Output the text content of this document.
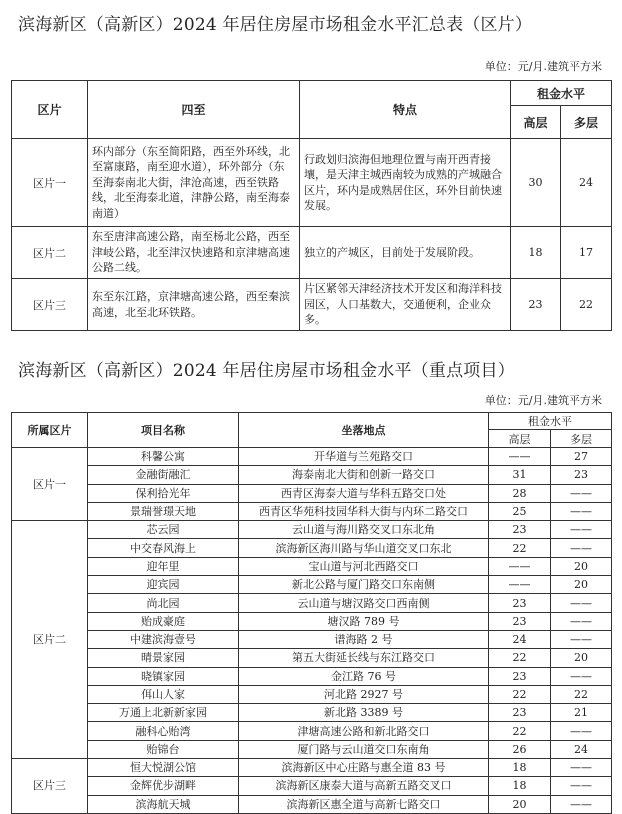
滨海新区（高新区）2024 年居住房屋市场租金水平汇总表（区片）
单位：元/月.建筑平方米
区片	四至	特点	租金水平	
			高层	多层
区片一	环内部分（东至简阳路，西至外环线，北至富康路，南至迎水道），环外部分（东至海泰南北大街，津沧高速，西至铁路线，北至海泰北道，津静公路，南至海泰南道）	行政划归滨海但地理位置与南开西青接壤，是天津主城西南较为成熟的产城融合区片，环内是成熟居住区，环外目前快速发展。	30	24
区片二	东至唐津高速公路，南至杨北公路，西至津岐公路，北至津汉快速路和京津塘高速公路二线。	独立的产城区，目前处于发展阶段。	18	17
区片三	东至东江路，京津塘高速公路，西至秦滨高速，北至北环铁路。	片区紧邻天津经济技术开发区和海洋科技园区，人口基数大，交通便利，企业众多。	23	22
滨海新区（高新区）2024 年居住房屋市场租金水平（重点项目）
单位：元/月.建筑平方米
所属区片	项目名称	坐落地点	租金水平	
			高层	多层
区片一	科馨公寓	开华道与兰苑路交口	——	27
	金融街融汇	海泰南北大街和创新一路交口	31	23
	保利拾光年	西青区海泰大道与华科五路交口处	28	——
	景瑞誉璟天地	西青区华苑科技园华科大街与内环二路交口	25	——
区片二	芯云园	云山道与海川路交叉口东北角	23	——
	中交春风海上	滨海新区海川路与华山道交叉口东北	22	——
	迎年里	宝山道与河北西路交口	——	20
	迎宾园	新北公路与厦门路交口东南侧	——	20
	尚北园	云山道与塘汉路交口西南侧	23	——
	贻成豪庭	塘汉路 789 号	23	——
	中建滨海壹号	谱海路 2 号	24	——
	晴景家园	第五大街延长线与东江路交口	22	20
	晓镇家园	金江路 76 号	23	——
	佴山人家	河北路 2927 号	22	22
	万通上北新新家园	新北路 3389 号	23	21
	融科心贻湾	津塘高速公路和新北路交口	22	——
	贻锦台	厦门路与云山道交口东南角	26	24
区片三	恒大悦湖公馆	滨海新区中心庄路与惠全道 83 号	18	——
	金辉优步湖畔	滨海新区康泰大道与高新五路交叉口	18	——
	滨海航天城	滨海新区惠全道与高新七路交口	20	——
